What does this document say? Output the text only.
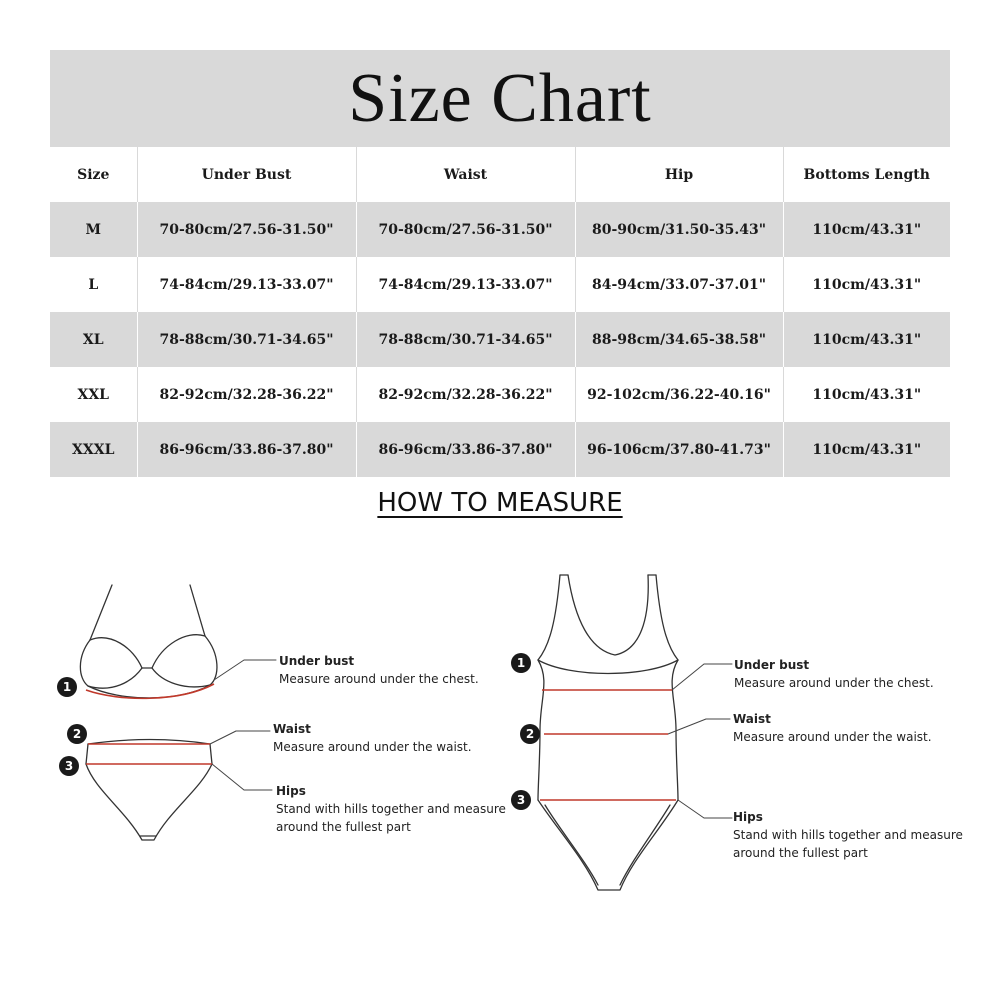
Size Chart
Size	Under Bust	Waist	Hip	Bottoms Length
M	70-80cm/27.56-31.50"	70-80cm/27.56-31.50"	80-90cm/31.50-35.43"	110cm/43.31"
L	74-84cm/29.13-33.07"	74-84cm/29.13-33.07"	84-94cm/33.07-37.01"	110cm/43.31"
XL	78-88cm/30.71-34.65"	78-88cm/30.71-34.65"	88-98cm/34.65-38.58"	110cm/43.31"
XXL	82-92cm/32.28-36.22"	82-92cm/32.28-36.22"	92-102cm/36.22-40.16"	110cm/43.31"
XXXL	86-96cm/33.86-37.80"	86-96cm/33.86-37.80"	96-106cm/37.80-41.73"	110cm/43.31"
HOW TO MEASURE
1
2
3
1
2
3
Under bust
Measure around under the chest.
Waist
Measure around under the waist.
Hips
Stand with hills together and measure
around the fullest part
Under bust
Measure around under the chest.
Waist
Measure around under the waist.
Hips
Stand with hills together and measure
around the fullest part
